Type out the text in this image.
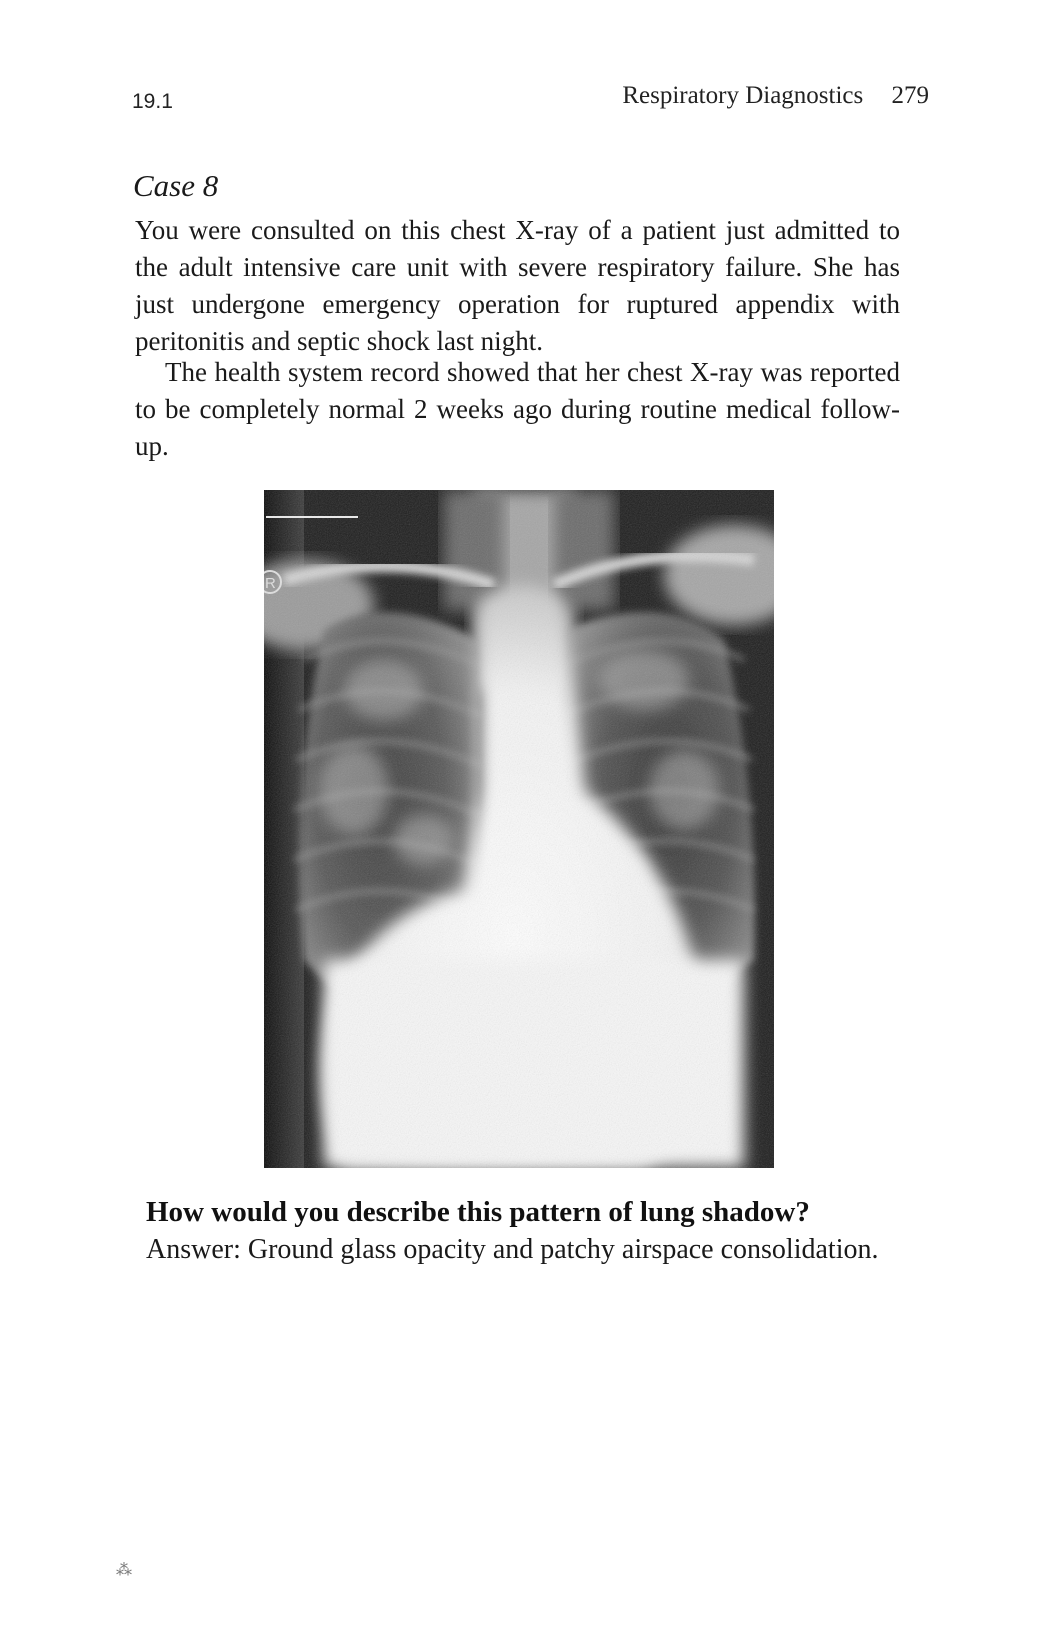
19.1	Respiratory Diagnostics 279
Case 8

You were consulted on this chest X-ray of a patient just admitted to the adult intensive care unit with severe respiratory failure. She has just undergone emergency operation for ruptured appendix with peritonitis and septic shock last night.

The health system record showed that her chest X-ray was reported to be completely normal 2 weeks ago during routine medical follow-up.

R
How would you describe this pattern of lung shadow?
Answer: Ground glass opacity and patchy airspace consolidation.
⁂
